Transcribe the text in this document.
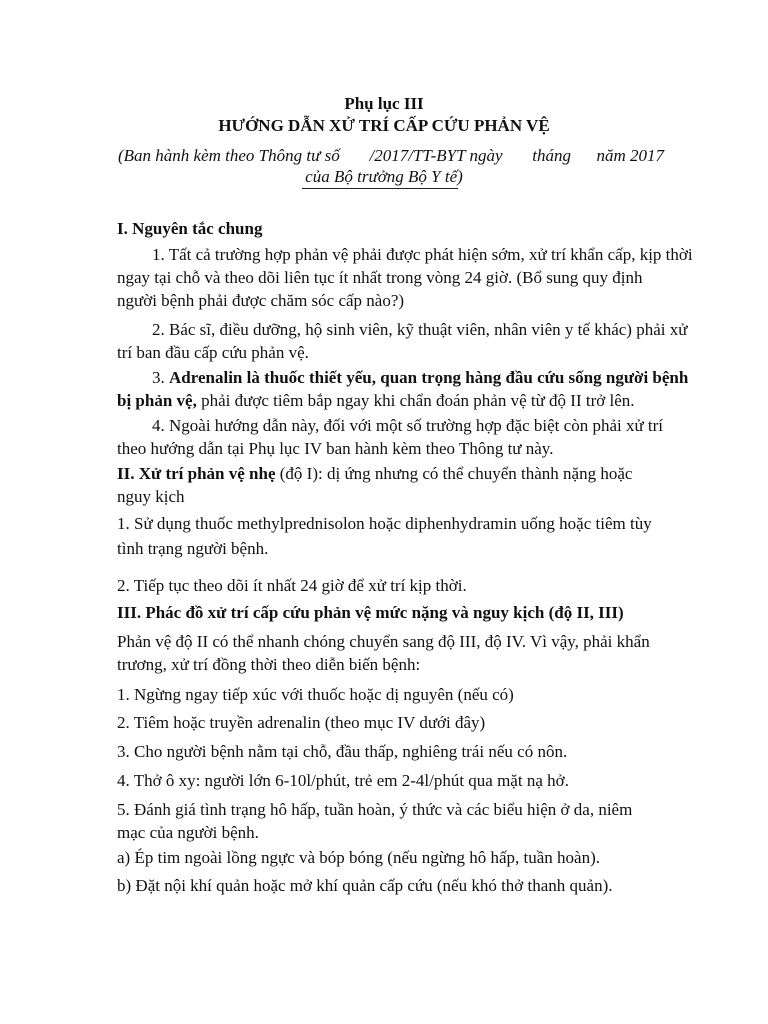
Phụ lục III
HƯỚNG DẪN XỬ TRÍ CẤP CỨU PHẢN VỆ
(Ban hành kèm theo Thông tư số       /2017/TT-BYT ngày       tháng      năm 2017
của Bộ trưởng Bộ Y tế)
I. Nguyên tắc chung
1. Tất cả trường hợp phản vệ phải được phát hiện sớm, xử trí khẩn cấp, kịp thời
ngay tại chỗ và theo dõi liên tục ít nhất trong vòng 24 giờ. (Bổ sung quy định
người bệnh phải được chăm sóc cấp nào?)
2. Bác sĩ, điều dưỡng, hộ sinh viên, kỹ thuật viên, nhân viên y tế khác) phải xử
trí ban đầu cấp cứu phản vệ.
3. Adrenalin là thuốc thiết yếu, quan trọng hàng đầu cứu sống người bệnh
bị phản vệ, phải được tiêm bắp ngay khi chẩn đoán phản vệ từ độ II trở lên.
4. Ngoài hướng dẫn này, đối với một số trường hợp đặc biệt còn phải xử trí
theo hướng dẫn tại Phụ lục IV ban hành kèm theo Thông tư này.
II. Xử trí phản vệ nhẹ (độ I): dị ứng nhưng có thể chuyển thành nặng hoặc
nguy kịch
1. Sử dụng thuốc methylprednisolon hoặc diphenhydramin uống hoặc tiêm tùy
tình trạng người bệnh.
2. Tiếp tục theo dõi ít nhất 24 giờ để xử trí kịp thời.
III. Phác đồ xử trí cấp cứu phản vệ mức nặng và nguy kịch (độ II, III)
Phản vệ độ II có thể nhanh chóng chuyển sang độ III, độ IV. Vì vậy, phải khẩn
trương, xử trí đồng thời theo diễn biến bệnh:
1. Ngừng ngay tiếp xúc với thuốc hoặc dị nguyên (nếu có)
2. Tiêm hoặc truyền adrenalin (theo mục IV dưới đây)
3. Cho người bệnh nằm tại chỗ, đầu thấp, nghiêng trái nếu có nôn.
4. Thở ô xy: người lớn 6-10l/phút, trẻ em 2-4l/phút qua mặt nạ hở.
5. Đánh giá tình trạng hô hấp, tuần hoàn, ý thức và các biểu hiện ở da, niêm
mạc của người bệnh.
a) Ép tim ngoài lồng ngực và bóp bóng (nếu ngừng hô hấp, tuần hoàn).
b) Đặt nội khí quản hoặc mở khí quản cấp cứu (nếu khó thở thanh quản).
